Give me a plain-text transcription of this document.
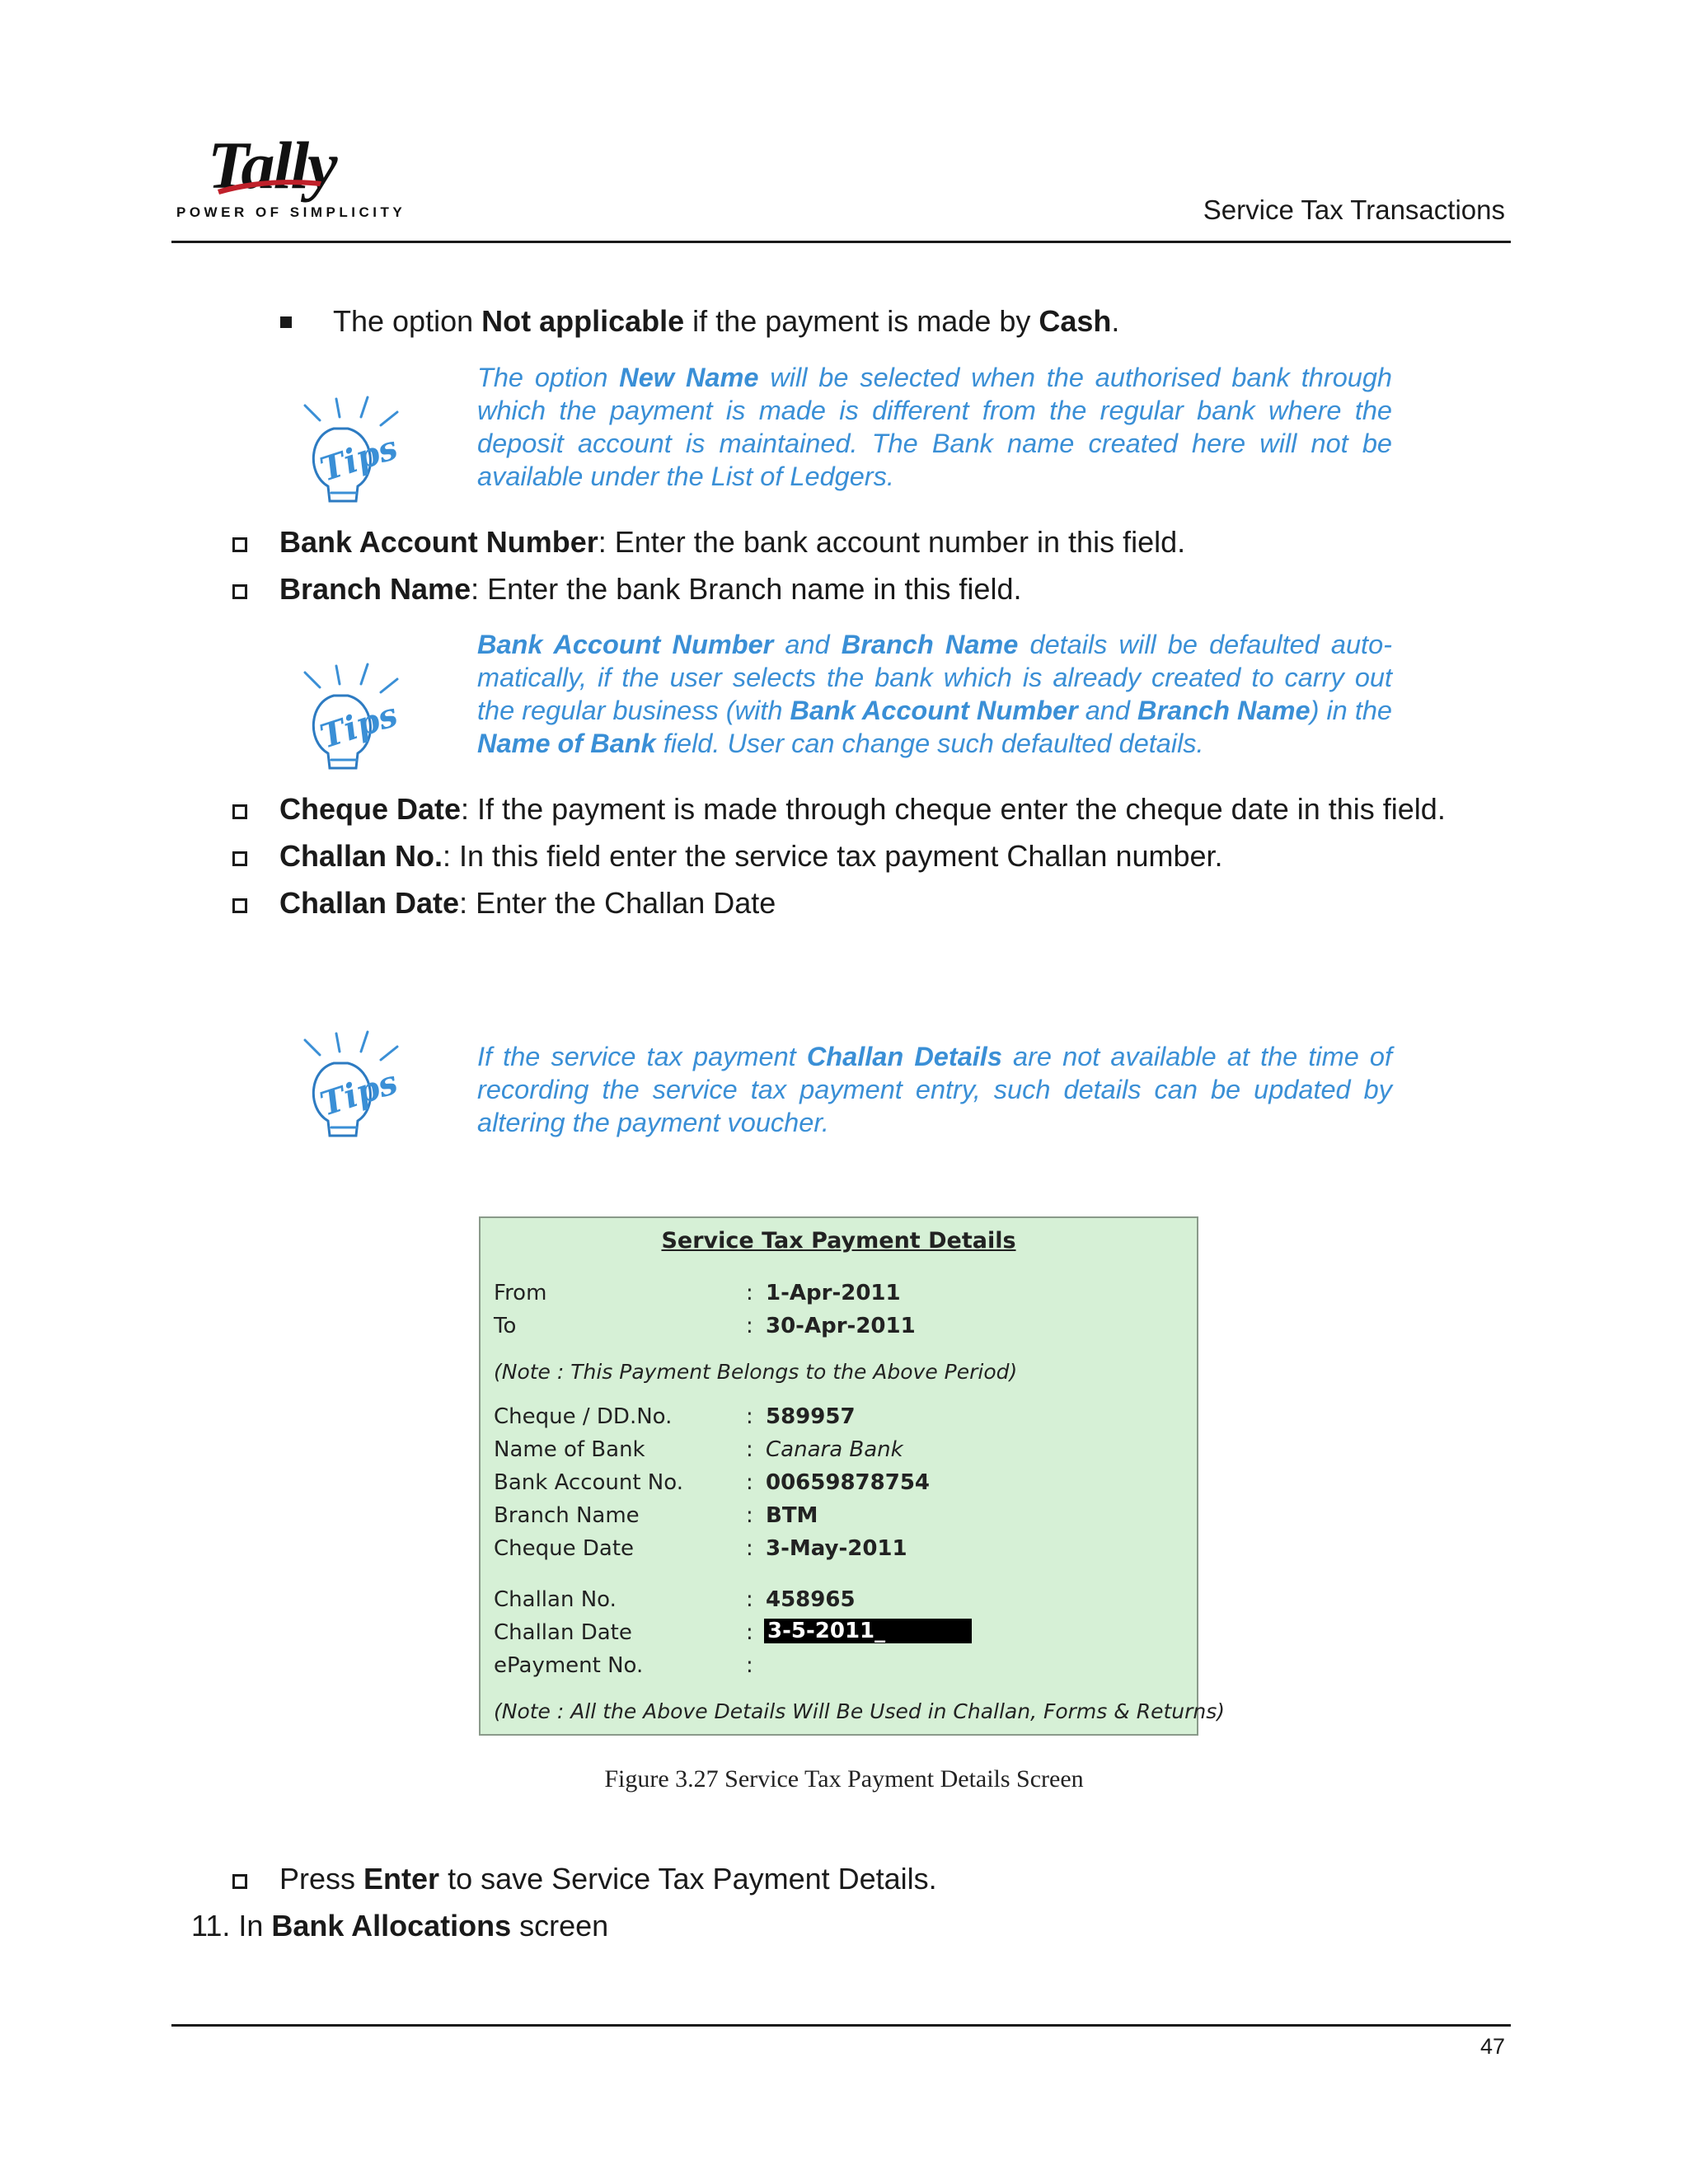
Tally
POWER OF SIMPLICITY	Service Tax Transactions
The option Not applicable if the payment is made by Cash.
Tips
The option New Name will be selected when the authorised bank through which the payment is made is different from the regular bank where the deposit account is maintained. The Bank name created here will not be available under the List of Ledgers.
Bank Account Number: Enter the bank account number in this field.
Branch Name: Enter the bank Branch name in this field.
Tips
Bank Account Number and Branch Name details will be defaulted auto-matically, if the user selects the bank which is already created to carry out the regular business (with Bank Account Number and Branch Name) in the Name of Bank field. User can change such defaulted details.
Cheque Date: If the payment is made through cheque enter the cheque date in this field.
Challan No.: In this field enter the service tax payment Challan number.
Challan Date: Enter the Challan Date
Tips
If the service tax payment Challan Details are not available at the time of recording the service tax payment entry, such details can be updated by altering the payment voucher.
Service Tax Payment Details
From	: 1-Apr-2011
To	: 30-Apr-2011
(Note : This Payment Belongs to the Above Period)
Cheque / DD.No.	: 589957
Name of Bank	: Canara Bank
Bank Account No.	: 00659878754
Branch Name	: BTM
Cheque Date	: 3-May-2011
Challan No.	: 458965
Challan Date	: 3-5-2011_
ePayment No.	:
(Note : All the Above Details Will Be Used in Challan, Forms & Returns)
Figure 3.27 Service Tax Payment Details Screen
Press Enter to save Service Tax Payment Details.
11. In Bank Allocations screen
47
